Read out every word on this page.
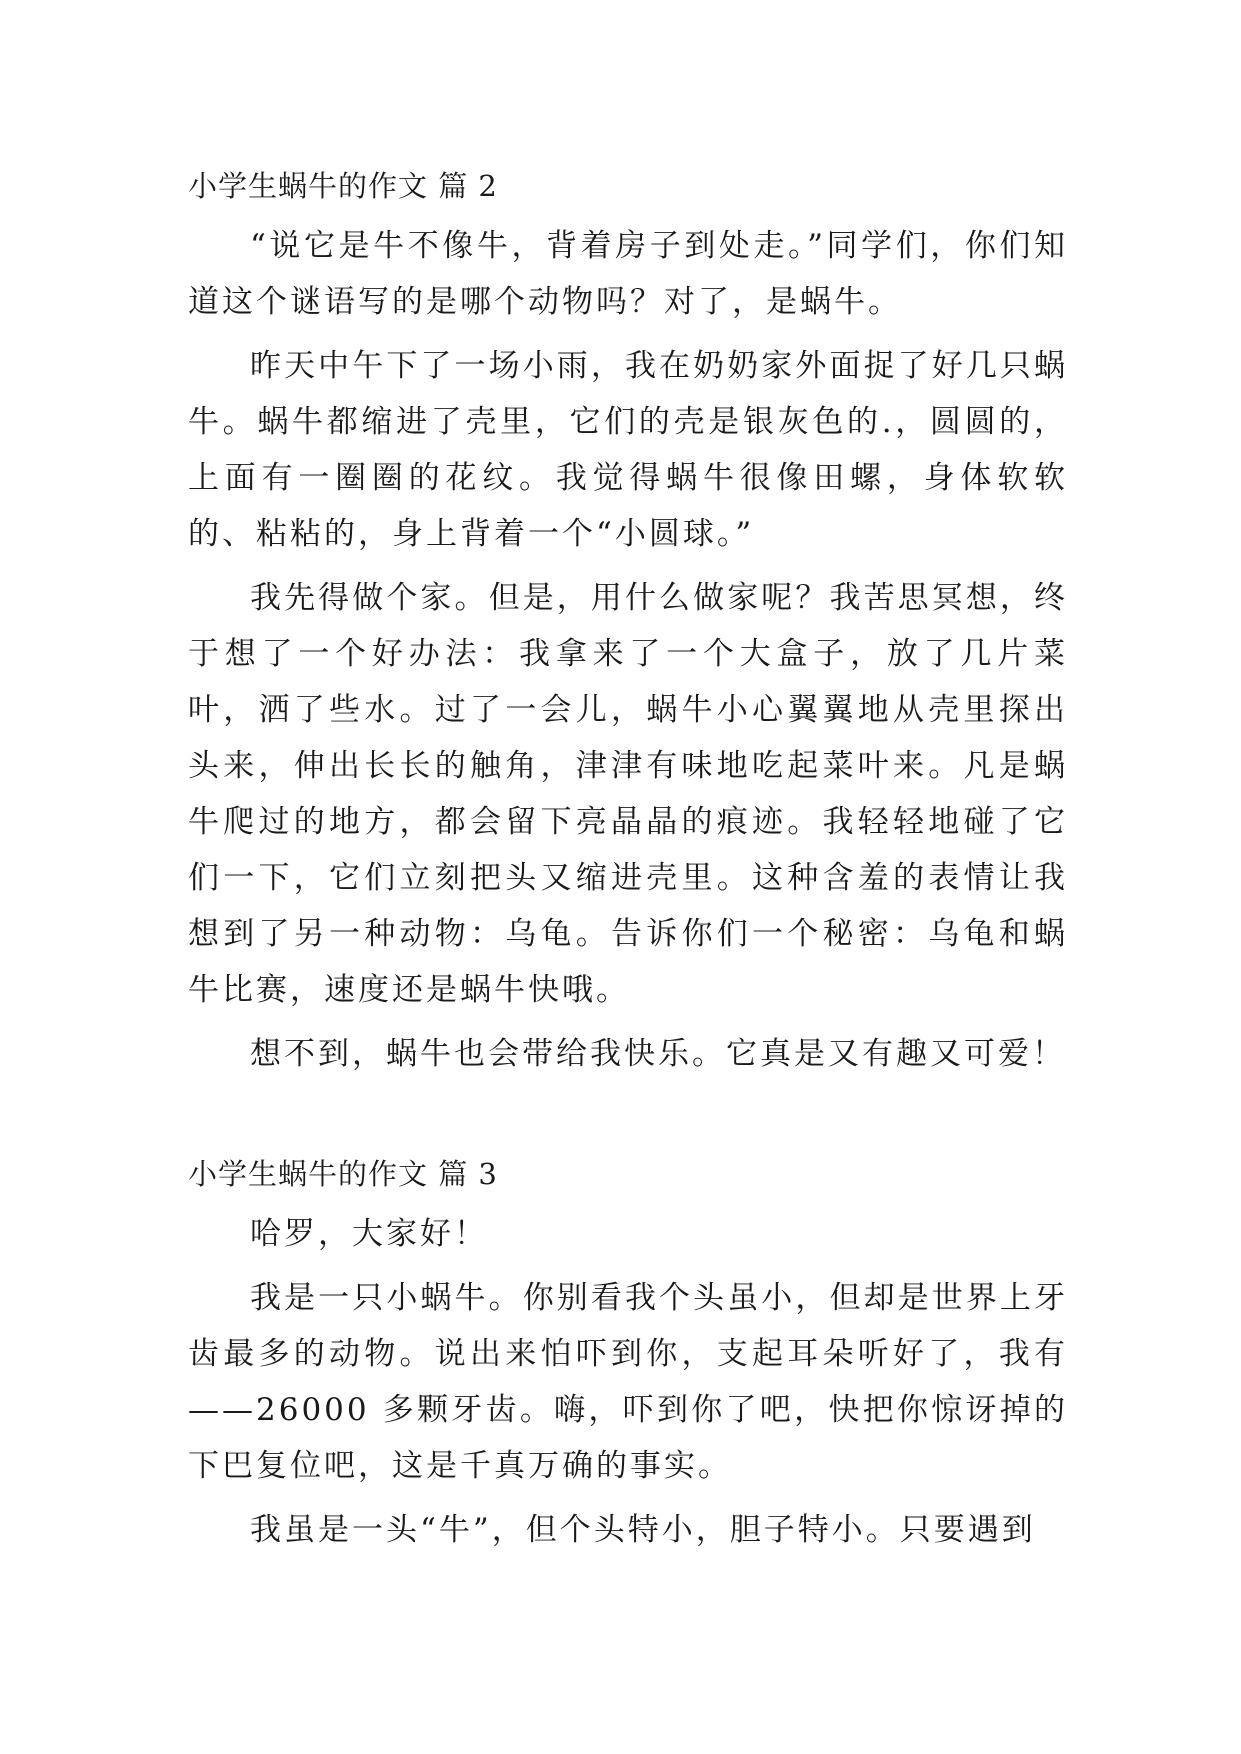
小学生蜗牛的作文 篇 2

“说它是牛不像牛，背着房子到处走。”同学们，你们知道这个谜语写的是哪个动物吗？对了，是蜗牛。

昨天中午下了一场小雨，我在奶奶家外面捉了好几只蜗牛。蜗牛都缩进了壳里，它们的壳是银灰色的.，圆圆的，上面有一圈圈的花纹。我觉得蜗牛很像田螺，身体软软的、粘粘的，身上背着一个“小圆球。”

我先得做个家。但是，用什么做家呢？我苦思冥想，终于想了一个好办法：我拿来了一个大盒子，放了几片菜叶，洒了些水。过了一会儿，蜗牛小心翼翼地从壳里探出头来，伸出长长的触角，津津有味地吃起菜叶来。凡是蜗牛爬过的地方，都会留下亮晶晶的痕迹。我轻轻地碰了它们一下，它们立刻把头又缩进壳里。这种含羞的表情让我想到了另一种动物：乌龟。告诉你们一个秘密：乌龟和蜗牛比赛，速度还是蜗牛快哦。

想不到，蜗牛也会带给我快乐。它真是又有趣又可爱！

小学生蜗牛的作文 篇 3

哈罗，大家好！

我是一只小蜗牛。你别看我个头虽小，但却是世界上牙齿最多的动物。说出来怕吓到你，支起耳朵听好了，我有——26000 多颗牙齿。嗨，吓到你了吧，快把你惊讶掉的下巴复位吧，这是千真万确的事实。

我虽是一头“牛”，但个头特小，胆子特小。只要遇到
